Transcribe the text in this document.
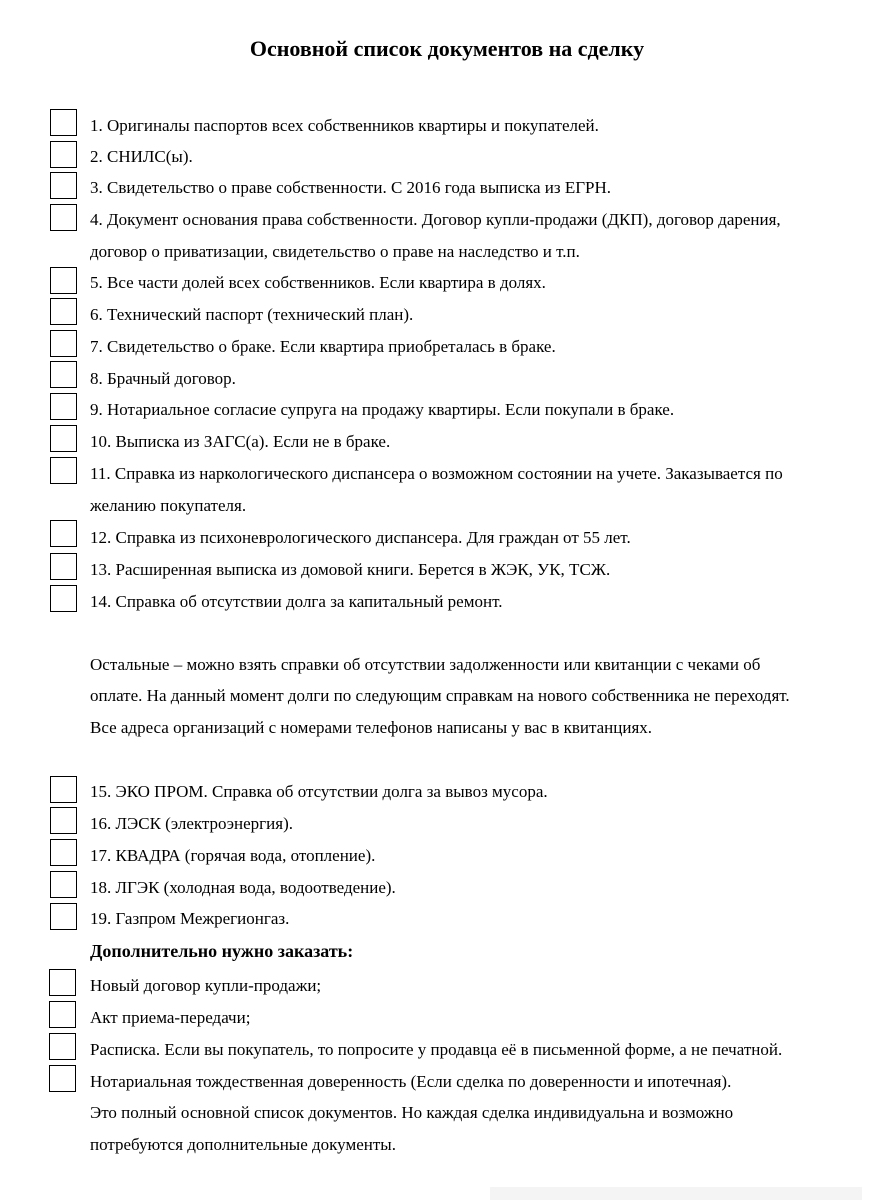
Основной список документов на сделку
1. Оригиналы паспортов всех собственников квартиры и покупателей.
2. СНИЛС(ы).
3. Свидетельство о праве собственности. С 2016 года выписка из ЕГРН.
4. Документ основания права собственности. Договор купли-продажи (ДКП), договор дарения,
договор о приватизации, свидетельство о праве на наследство и т.п.
5. Все части долей всех собственников. Если квартира в долях.
6. Технический паспорт (технический план).
7. Свидетельство о браке. Если квартира приобреталась в браке.
8. Брачный договор.
9. Нотариальное согласие супруга на продажу квартиры. Если покупали в браке.
10. Выписка из ЗАГС(а). Если не в браке.
11. Справка из наркологического диспансера о возможном состоянии на учете. Заказывается по
желанию покупателя.
12. Справка из психоневрологического диспансера. Для граждан от 55 лет.
13. Расширенная выписка из домовой книги. Берется в ЖЭК, УК, ТСЖ.
14. Справка об отсутствии долга за капитальный ремонт.
Остальные – можно взять справки об отсутствии задолженности или квитанции с чеками об
оплате. На данный момент долги по следующим справкам на нового собственника не переходят.
Все адреса организаций с номерами телефонов написаны у вас в квитанциях.
15. ЭКО ПРОМ. Справка об отсутствии долга за вывоз мусора.
16. ЛЭСК (электроэнергия).
17. КВАДРА (горячая вода, отопление).
18. ЛГЭК (холодная вода, водоотведение).
19. Газпром Межрегионгаз.
Дополнительно нужно заказать:
Новый договор купли-продажи;
Акт приема-передачи;
Расписка. Если вы покупатель, то попросите у продавца её в письменной форме, а не печатной.
Нотариальная тождественная доверенность (Если сделка по доверенности и ипотечная).
Это полный основной список документов. Но каждая сделка индивидуальна и возможно
потребуются дополнительные документы.
